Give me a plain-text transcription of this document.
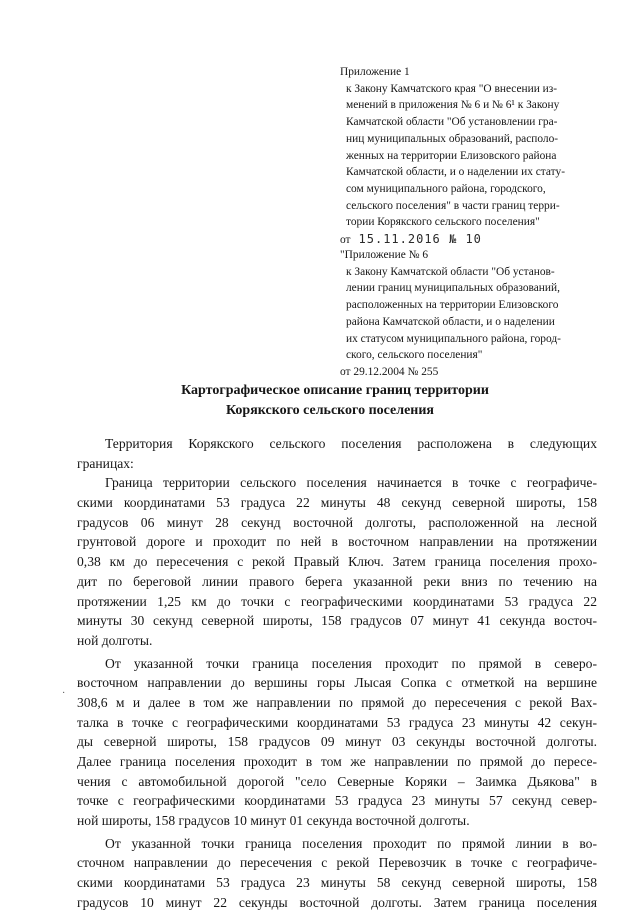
Приложение 1
к Закону Камчатского края "О внесении из-
менений в приложения № 6 и № 6¹ к Закону
Камчатской области "Об установлении гра-
ниц муниципальных образований, располо-
женных на территории Елизовского района
Камчатской области, и о наделении их стату-
сом муниципального района, городского,
сельского поселения" в части границ терри-
тории Корякского сельского поселения"
от 15.11.2016 № 10
"Приложение № 6
к Закону Камчатской области "Об установ-
лении границ муниципальных образований,
расположенных на территории Елизовского
района Камчатской области, и о наделении
их статусом муниципального района, город-
ского, сельского поселения"
от 29.12.2004 № 255
Картографическое описание границ территории
Корякского сельского поселения
·
Территория Корякского сельского поселения расположена в следующих
границах:
Граница территории сельского поселения начинается в точке с географиче-
скими координатами 53 градуса 22 минуты 48 секунд северной широты, 158
градусов 06 минут 28 секунд восточной долготы, расположенной на лесной
грунтовой дороге и проходит по ней в восточном направлении на протяжении
0,38 км до пересечения с рекой Правый Ключ. Затем граница поселения прохо-
дит по береговой линии правого берега указанной реки вниз по течению на
протяжении 1,25 км до точки с географическими координатами 53 градуса 22
минуты 30 секунд северной широты, 158 градусов 07 минут 41 секунда восточ-
ной долготы.
От указанной точки граница поселения проходит по прямой в северо-
восточном направлении до вершины горы Лысая Сопка с отметкой на вершине
308,6 м и далее в том же направлении по прямой до пересечения с рекой Вах-
талка в точке с географическими координатами 53 градуса 23 минуты 42 секун-
ды северной широты, 158 градусов 09 минут 03 секунды восточной долготы.
Далее граница поселения проходит в том же направлении по прямой до пересе-
чения с автомобильной дорогой "село Северные Коряки – Заимка Дьякова" в
точке с географическими координатами 53 градуса 23 минуты 57 секунд север-
ной широты, 158 градусов 10 минут 01 секунда восточной долготы.
От указанной точки граница поселения проходит по прямой линии в во-
сточном направлении до пересечения с рекой Перевозчик в точке с географиче-
скими координатами 53 градуса 23 минуты 58 секунд северной широты, 158
градусов 10 минут 22 секунды восточной долготы. Затем граница поселения
